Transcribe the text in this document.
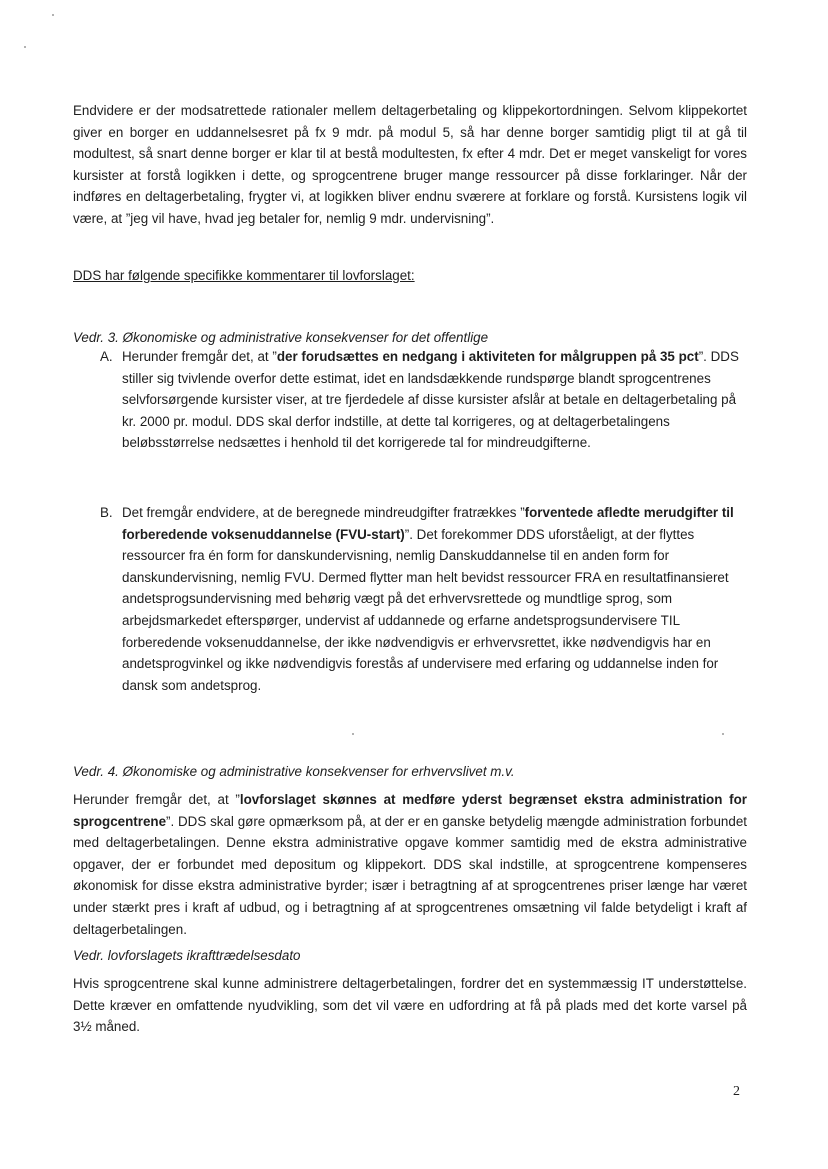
Endvidere er der modsatrettede rationaler mellem deltagerbetaling og klippekortordningen. Selvom klippekortet giver en borger en uddannelsesret på fx 9 mdr. på modul 5, så har denne borger samtidig pligt til at gå til modultest, så snart denne borger er klar til at bestå modultesten, fx efter 4 mdr. Det er meget vanskeligt for vores kursister at forstå logikken i dette, og sprogcentrene bruger mange ressourcer på disse forklaringer. Når der indføres en deltagerbetaling, frygter vi, at logikken bliver endnu sværere at forklare og forstå. Kursistens logik vil være, at ”jeg vil have, hvad jeg betaler for, nemlig 9 mdr. undervisning”.

DDS har følgende specifikke kommentarer til lovforslaget:

Vedr. 3. Økonomiske og administrative konsekvenser for det offentlige

A. Herunder fremgår det, at ”der forudsættes en nedgang i aktiviteten for målgruppen på 35 pct”. DDS stiller sig tvivlende overfor dette estimat, idet en landsdækkende rundspørge blandt sprogcentrenes selvforsørgende kursister viser, at tre fjerdedele af disse kursister afslår at betale en deltagerbetaling på kr. 2000 pr. modul. DDS skal derfor indstille, at dette tal korrigeres, og at deltagerbetalingens beløbsstørrelse nedsættes i henhold til det korrigerede tal for mindreudgifterne.
B. Det fremgår endvidere, at de beregnede mindreudgifter fratrækkes ”forventede afledte merudgifter til forberedende voksenuddannelse (FVU-start)”. Det forekommer DDS uforståeligt, at der flyttes ressourcer fra én form for danskundervisning, nemlig Danskuddannelse til en anden form for danskundervisning, nemlig FVU. Dermed flytter man helt bevidst ressourcer FRA en resultatfinansieret andetsprogsundervisning med behørig vægt på det erhvervsrettede og mundtlige sprog, som arbejdsmarkedet efterspørger, undervist af uddannede og erfarne andetsprogsundervisere TIL forberedende voksenuddannelse, der ikke nødvendigvis er erhvervsrettet, ikke nødvendigvis har en andetsprogvinkel og ikke nødvendigvis forestås af undervisere med erfaring og uddannelse inden for dansk som andetsprog.

Vedr. 4. Økonomiske og administrative konsekvenser for erhvervslivet m.v.

Herunder fremgår det, at ”lovforslaget skønnes at medføre yderst begrænset ekstra administration for sprogcentrene”. DDS skal gøre opmærksom på, at der er en ganske betydelig mængde administration forbundet med deltagerbetalingen. Denne ekstra administrative opgave kommer samtidig med de ekstra administrative opgaver, der er forbundet med depositum og klippekort. DDS skal indstille, at sprogcentrene kompenseres økonomisk for disse ekstra administrative byrder; især i betragtning af at sprogcentrenes priser længe har været under stærkt pres i kraft af udbud, og i betragtning af at sprogcentrenes omsætning vil falde betydeligt i kraft af deltagerbetalingen.

Vedr. lovforslagets ikrafttrædelsesdato

Hvis sprogcentrene skal kunne administrere deltagerbetalingen, fordrer det en systemmæssig IT understøttelse. Dette kræver en omfattende nyudvikling, som det vil være en udfordring at få på plads med det korte varsel på 3½ måned.

2
